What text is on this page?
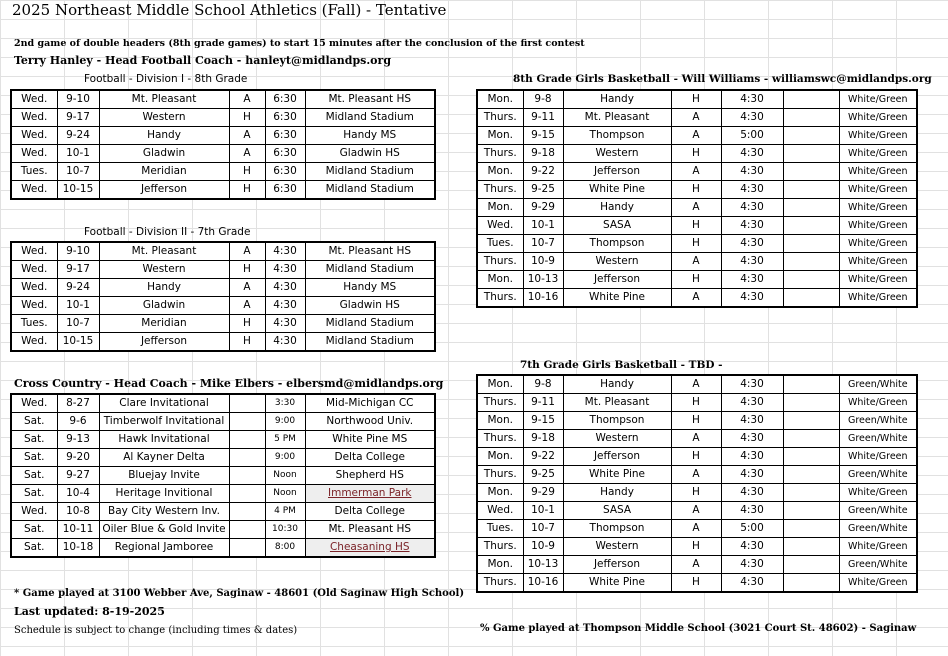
2025 Northeast Middle School Athletics (Fall) - Tentative
2nd game of double headers (8th grade games) to start 15 minutes after the conclusion of the first contest
Terry Hanley - Head Football Coach - hanleyt@midlandps.org
Football - Division I - 8th Grade
Football - Division II - 7th Grade
Cross Country - Head Coach - Mike Elbers - elbersmd@midlandps.org
8th Grade Girls Basketball - Will Williams - williamswc@midlandps.org
7th Grade Girls Basketball - TBD -
Wed.	9-10	Mt. Pleasant	A	6:30	Mt. Pleasant HS
Wed.	9-17	Western	H	6:30	Midland Stadium
Wed.	9-24	Handy	A	6:30	Handy MS
Wed.	10-1	Gladwin	A	6:30	Gladwin HS
Tues.	10-7	Meridian	H	6:30	Midland Stadium
Wed.	10-15	Jefferson	H	6:30	Midland Stadium
Wed.	9-10	Mt. Pleasant	A	4:30	Mt. Pleasant HS
Wed.	9-17	Western	H	4:30	Midland Stadium
Wed.	9-24	Handy	A	4:30	Handy MS
Wed.	10-1	Gladwin	A	4:30	Gladwin HS
Tues.	10-7	Meridian	H	4:30	Midland Stadium
Wed.	10-15	Jefferson	H	4:30	Midland Stadium
Wed.	8-27	Clare Invitational		3:30	Mid-Michigan CC
Sat.	9-6	Timberwolf Invitational		9:00	Northwood Univ.
Sat.	9-13	Hawk Invitational		5 PM	White Pine MS
Sat.	9-20	Al Kayner Delta		9:00	Delta College
Sat.	9-27	Bluejay Invite		Noon	Shepherd HS
Sat.	10-4	Heritage Invitional		Noon	Immerman Park
Wed.	10-8	Bay City Western Inv.		4 PM	Delta College
Sat.	10-11	Oiler Blue & Gold Invite		10:30	Mt. Pleasant HS
Sat.	10-18	Regional Jamboree		8:00	Cheasaning HS
Mon.	9-8	Handy	H	4:30		White/Green
Thurs.	9-11	Mt. Pleasant	A	4:30		White/Green
Mon.	9-15	Thompson	A	5:00		White/Green
Thurs.	9-18	Western	H	4:30		White/Green
Mon.	9-22	Jefferson	A	4:30		White/Green
Thurs.	9-25	White Pine	H	4:30		White/Green
Mon.	9-29	Handy	A	4:30		White/Green
Wed.	10-1	SASA	H	4:30		White/Green
Tues.	10-7	Thompson	H	4:30		White/Green
Thurs.	10-9	Western	A	4:30		White/Green
Mon.	10-13	Jefferson	H	4:30		White/Green
Thurs.	10-16	White Pine	A	4:30		White/Green
Mon.	9-8	Handy	A	4:30		Green/White
Thurs.	9-11	Mt. Pleasant	H	4:30		White/Green
Mon.	9-15	Thompson	H	4:30		Green/White
Thurs.	9-18	Western	A	4:30		Green/White
Mon.	9-22	Jefferson	H	4:30		White/Green
Thurs.	9-25	White Pine	A	4:30		Green/White
Mon.	9-29	Handy	H	4:30		White/Green
Wed.	10-1	SASA	A	4:30		Green/White
Tues.	10-7	Thompson	A	5:00		Green/White
Thurs.	10-9	Western	H	4:30		White/Green
Mon.	10-13	Jefferson	A	4:30		Green/White
Thurs.	10-16	White Pine	H	4:30		White/Green
* Game played at 3100 Webber Ave, Saginaw - 48601 (Old Saginaw High School)
Last updated: 8-19-2025
Schedule is subject to change (including times & dates)	% Game played at Thompson Middle School (3021 Court St. 48602) - Saginaw
